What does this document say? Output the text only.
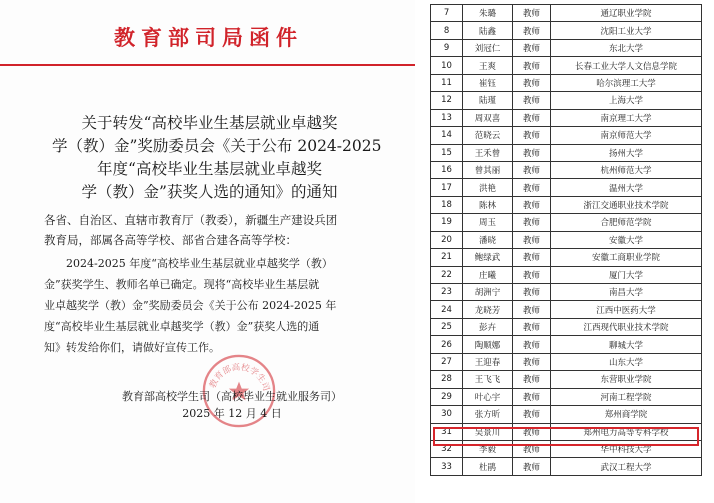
教育部司局函件
关于转发“高校毕业生基层就业卓越奖
学（教）金”奖励委员会《关于公布 2024-2025
年度“高校毕业生基层就业卓越奖
学（教）金”获奖人选的通知》的通知
各省、自治区、直辖市教育厅（教委），新疆生产建设兵团
教育局，部属各高等学校、部省合建各高等学校：
2024-2025 年度“高校毕业生基层就业卓越奖学（教）
金”获奖学生、教师名单已确定。现将“高校毕业生基层就
业卓越奖学（教）金”奖励委员会《关于公布 2024-2025 年
度“高校毕业生基层就业卓越奖学（教）金”获奖人选的通
知》转发给你们，请做好宣传工作。
教育部高校学生司
教育部高校学生司（高校毕业生就业服务司）
2025 年 12 月 4 日
7	朱璐	教师	通辽职业学院
8	陆鑫	教师	沈阳工业大学
9	刘冠仁	教师	东北大学
10	王爽	教师	长春工业大学人文信息学院
11	崔钰	教师	哈尔滨理工大学
12	陆瑾	教师	上海大学
13	周双喜	教师	南京理工大学
14	范晓云	教师	南京师范大学
15	王禾曾	教师	扬州大学
16	曾其丽	教师	杭州师范大学
17	洪艳	教师	温州大学
18	陈林	教师	浙江交通职业技术学院
19	周玉	教师	合肥师范学院
20	潘晓	教师	安徽大学
21	鲍绿武	教师	安徽工商职业学院
22	庄曦	教师	厦门大学
23	胡洲宁	教师	南昌大学
24	龙晓芳	教师	江西中医药大学
25	彭卉	教师	江西现代职业技术学院
26	陶顺娜	教师	聊城大学
27	王迎春	教师	山东大学
28	王飞飞	教师	东营职业学院
29	叶心宇	教师	河南工程学院
30	张方昕	教师	郑州商学院
31	吴景川	教师	郑州电力高等专科学校
32	李毅	教师	华中科技大学
33	杜鹃	教师	武汉工程大学
